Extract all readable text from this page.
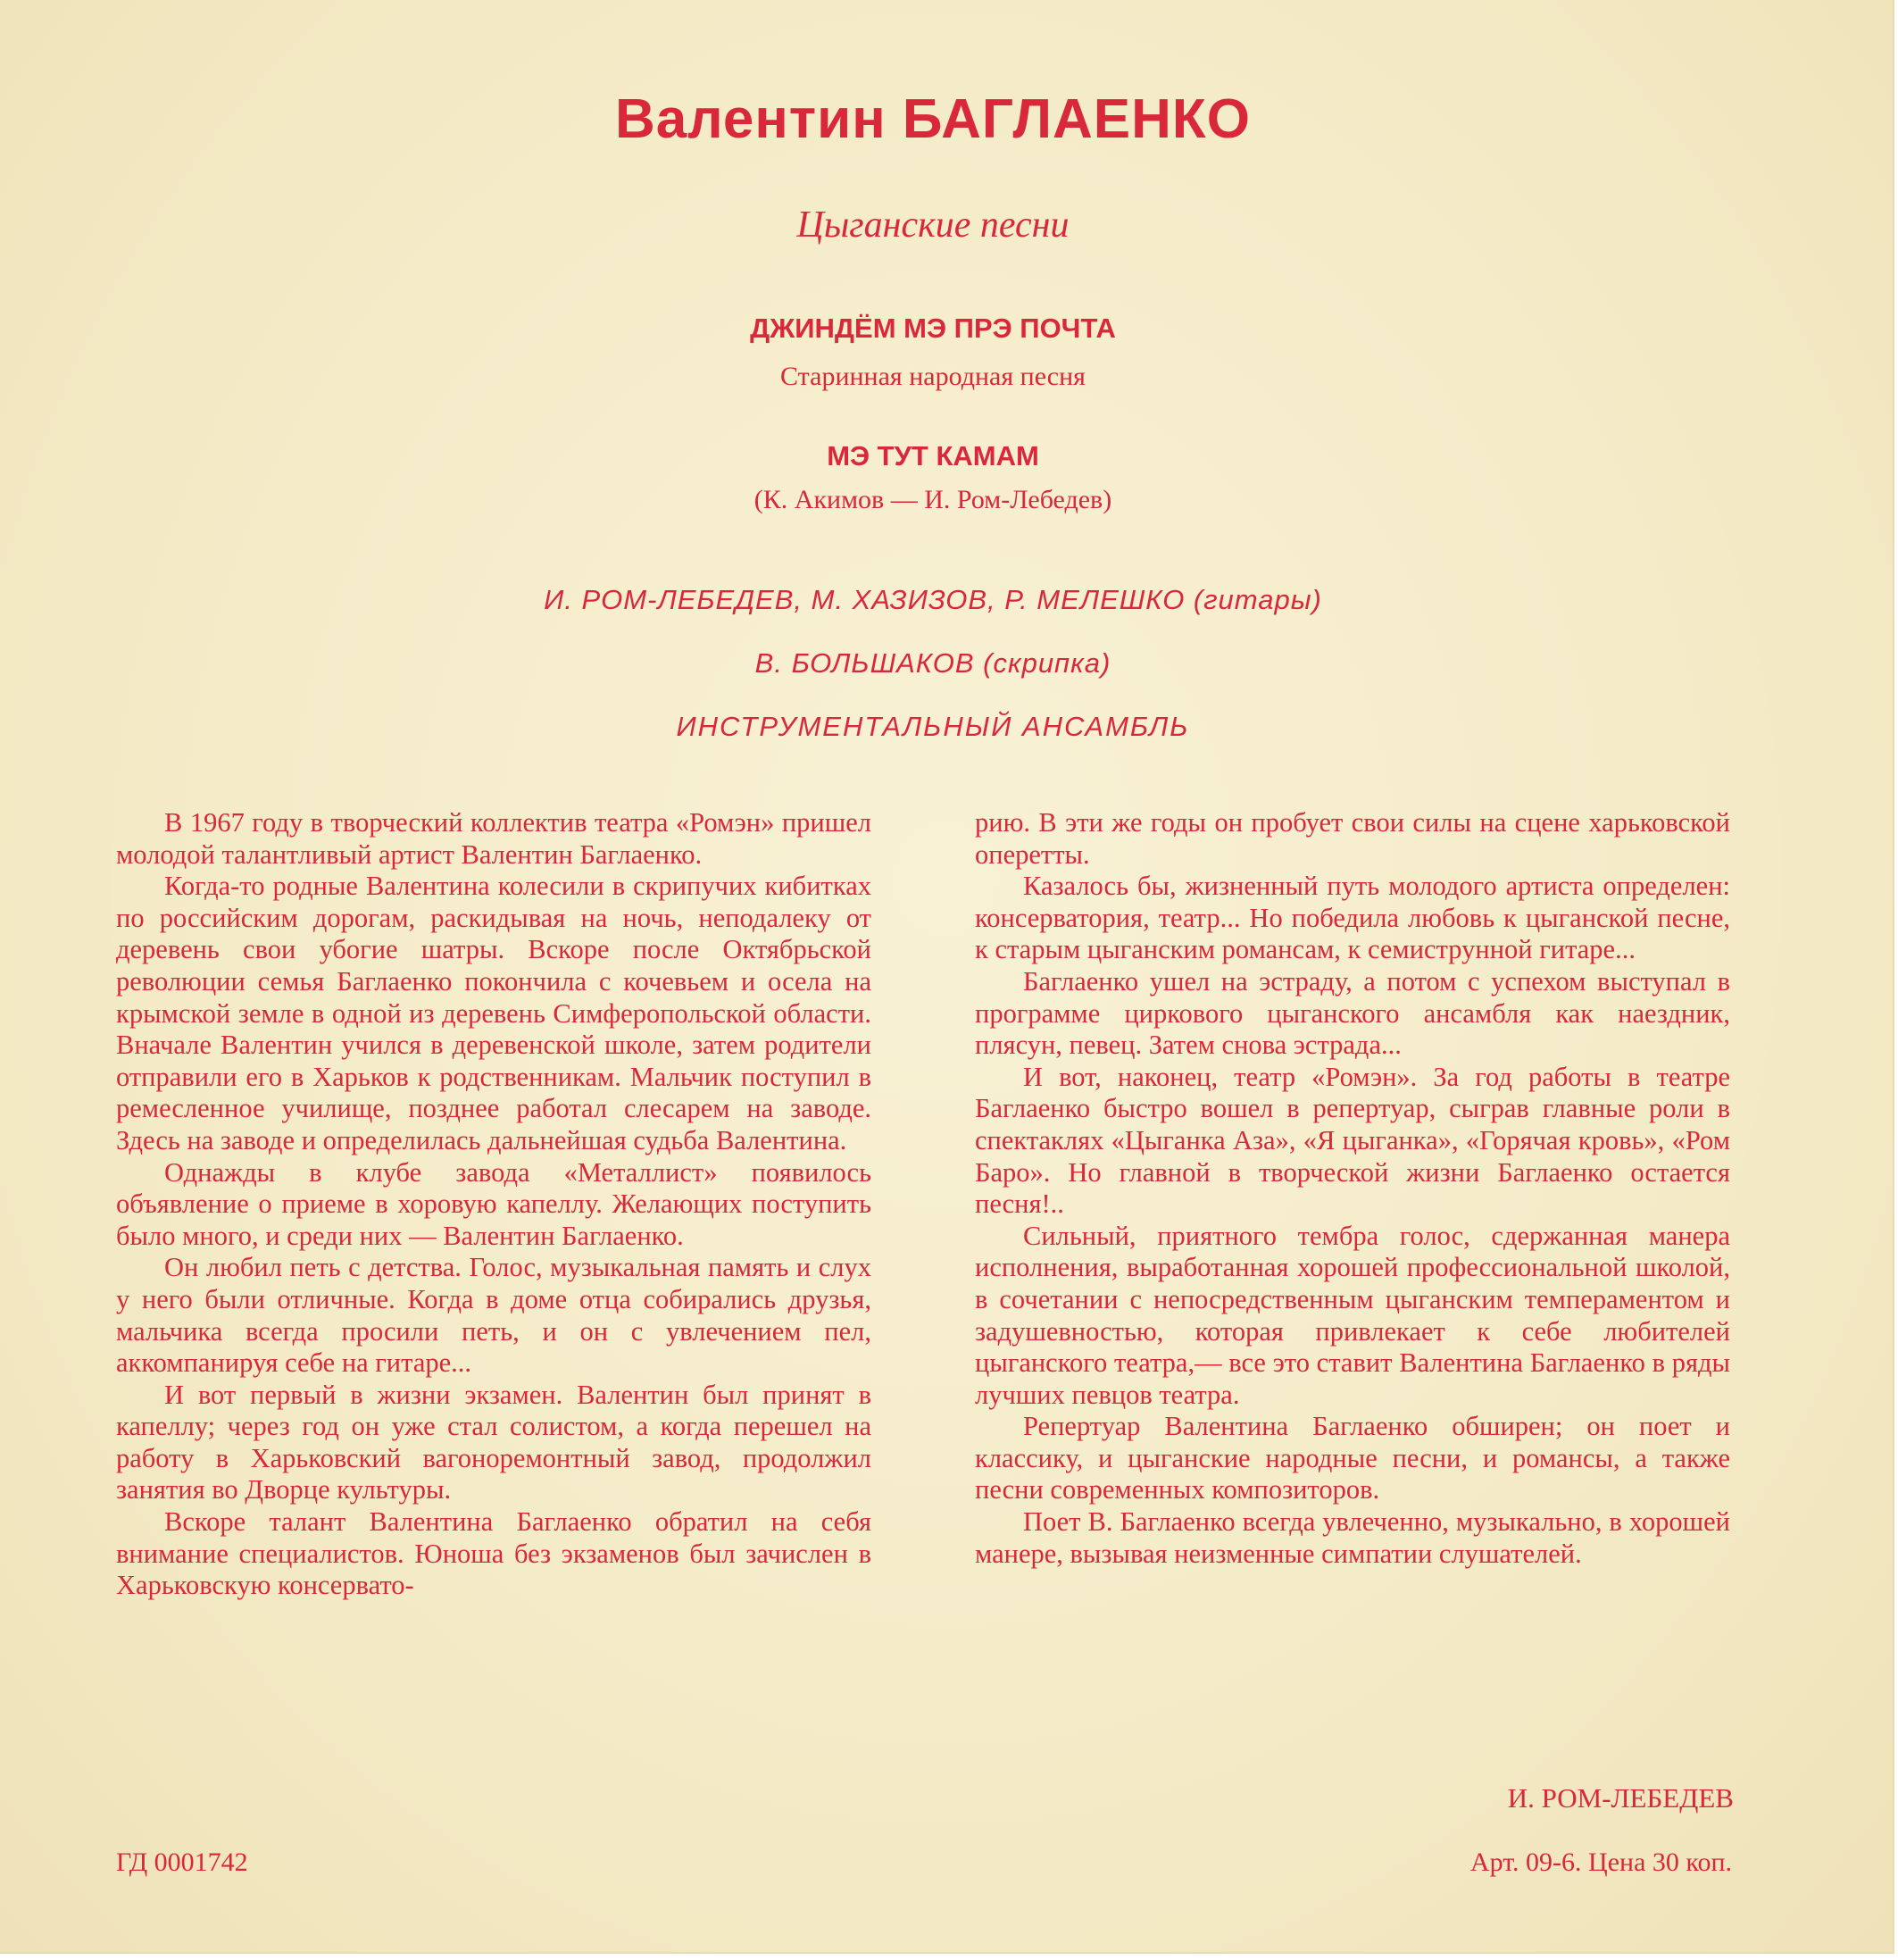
Валентин БАГЛАЕНКО
Цыганские песни
ДЖИНДЁМ МЭ ПРЭ ПОЧТА
Старинная народная песня
МЭ ТУТ КАМАМ
(К. Акимов — И. Ром-Лебедев)
И. РОМ-ЛЕБЕДЕВ, М. ХАЗИЗОВ, Р. МЕЛЕШКО (гитары)
В. БОЛЬШАКОВ (скрипка)
ИНСТРУМЕНТАЛЬНЫЙ АНСАМБЛЬ

В 1967 году в творческий коллектив театра «Ромэн» пришел молодой талантливый артист Валентин Баглаенко.

Когда-то родные Валентина колесили в скрипучих кибитках по российским дорогам, раскидывая на ночь, неподалеку от деревень свои убогие шатры. Вскоре после Октябрьской революции семья Баглаенко покончила с кочевьем и осела на крымской земле в одной из деревень Симферопольской области. Вначале Валентин учился в деревенской школе, затем родители отправили его в Харьков к родственникам. Мальчик поступил в ремесленное училище, позднее работал слесарем на заводе. Здесь на заводе и определилась дальнейшая судьба Валентина.

Однажды в клубе завода «Металлист» появилось объявление о приеме в хоровую капеллу. Желающих поступить было много, и среди них — Валентин Баглаенко.

Он любил петь с детства. Голос, музыкальная память и слух у него были отличные. Когда в доме отца собирались друзья, мальчика всегда просили петь, и он с увлечением пел, аккомпанируя себе на гитаре...

И вот первый в жизни экзамен. Валентин был принят в капеллу; через год он уже стал солистом, а когда перешел на работу в Харьковский вагоноремонтный завод, продолжил занятия во Дворце культуры.

Вскоре талант Валентина Баглаенко обратил на себя внимание специалистов. Юноша без экзаменов был зачислен в Харьковскую консервато-

рию. В эти же годы он пробует свои силы на сцене харьковской оперетты.

Казалось бы, жизненный путь молодого артиста определен: консерватория, театр... Но победила любовь к цыганской песне, к старым цыганским романсам, к семиструнной гитаре...

Баглаенко ушел на эстраду, а потом с успехом выступал в программе циркового цыганского ансамбля как наездник, плясун, певец. Затем снова эстрада...

И вот, наконец, театр «Ромэн». За год работы в театре Баглаенко быстро вошел в репертуар, сыграв главные роли в спектаклях «Цыганка Аза», «Я цыганка», «Горячая кровь», «Ром Баро». Но главной в творческой жизни Баглаенко остается песня!..

Сильный, приятного тембра голос, сдержанная манера исполнения, выработанная хорошей профессиональной школой, в сочетании с непосредственным цыганским темпераментом и задушевностью, которая привлекает к себе любителей цыганского театра,— все это ставит Валентина Баглаенко в ряды лучших певцов театра.

Репертуар Валентина Баглаенко обширен; он поет и классику, и цыганские народные песни, и романсы, а также песни современных композиторов.

Поет В. Баглаенко всегда увлеченно, музыкально, в хорошей манере, вызывая неизменные симпатии слушателей.

И. РОМ-ЛЕБЕДЕВ
ГД 0001742	Арт. 09-6. Цена 30 коп.
